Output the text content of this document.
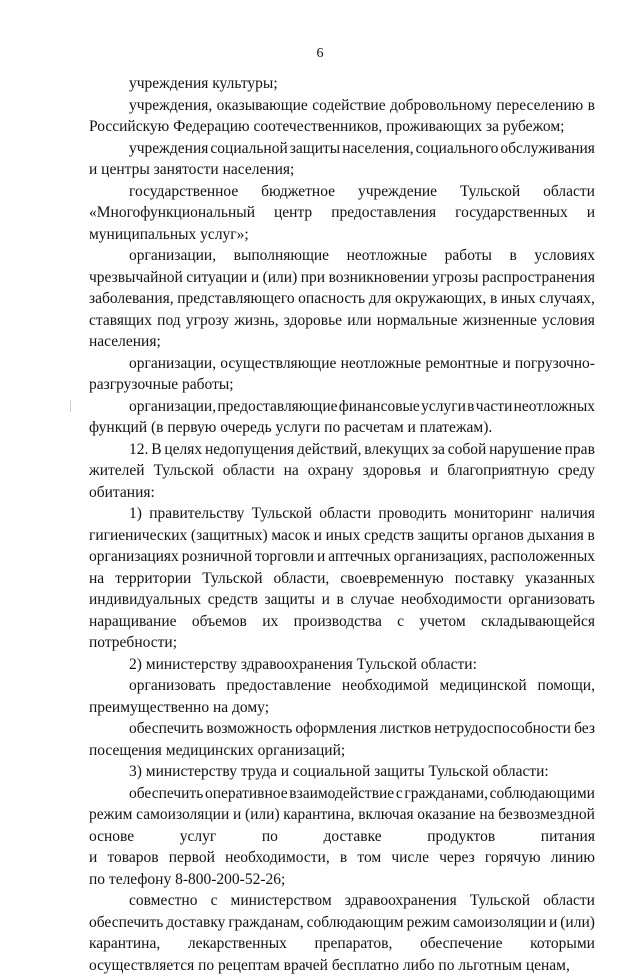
6
учреждения культуры;
учреждения, оказывающие содействие добровольному переселению в
Российскую Федерацию соотечественников, проживающих за рубежом;
учреждения социальной защиты населения, социального обслуживания
и центры занятости населения;
государственное бюджетное учреждение Тульской области
«Многофункциональный центр предоставления государственных и
муниципальных услуг»;
организации, выполняющие неотложные работы в условиях
чрезвычайной ситуации и (или) при возникновении угрозы распространения
заболевания, представляющего опасность для окружающих, в иных случаях,
ставящих под угрозу жизнь, здоровье или нормальные жизненные условия
населения;
организации, осуществляющие неотложные ремонтные и погрузочно-
разгрузочные работы;
организации, предоставляющие финансовые услуги в части неотложных
функций (в первую очередь услуги по расчетам и платежам).
12. В целях недопущения действий, влекущих за собой нарушение прав
жителей Тульской области на охрану здоровья и благоприятную среду
обитания:
1) правительству Тульской области проводить мониторинг наличия
гигиенических (защитных) масок и иных средств защиты органов дыхания в
организациях розничной торговли и аптечных организациях, расположенных
на территории Тульской области, своевременную поставку указанных
индивидуальных средств защиты и в случае необходимости организовать
наращивание объемов их производства с учетом складывающейся
потребности;
2) министерству здравоохранения Тульской области:
организовать предоставление необходимой медицинской помощи,
преимущественно на дому;
обеспечить возможность оформления листков нетрудоспособности без
посещения медицинских организаций;
3) министерству труда и социальной защиты Тульской области:
обеспечить оперативное взаимодействие с гражданами, соблюдающими
режим самоизоляции и (или) карантина, включая оказание на безвозмездной
основе	услуг	по	доставке	продуктов	питания
и товаров первой необходимости, в том числе через горячую линию
по телефону 8-800-200-52-26;
совместно с министерством здравоохранения Тульской области
обеспечить доставку гражданам, соблюдающим режим самоизоляции и (или)
карантина, лекарственных препаратов, обеспечение которыми
осуществляется по рецептам врачей бесплатно либо по льготным ценам,
